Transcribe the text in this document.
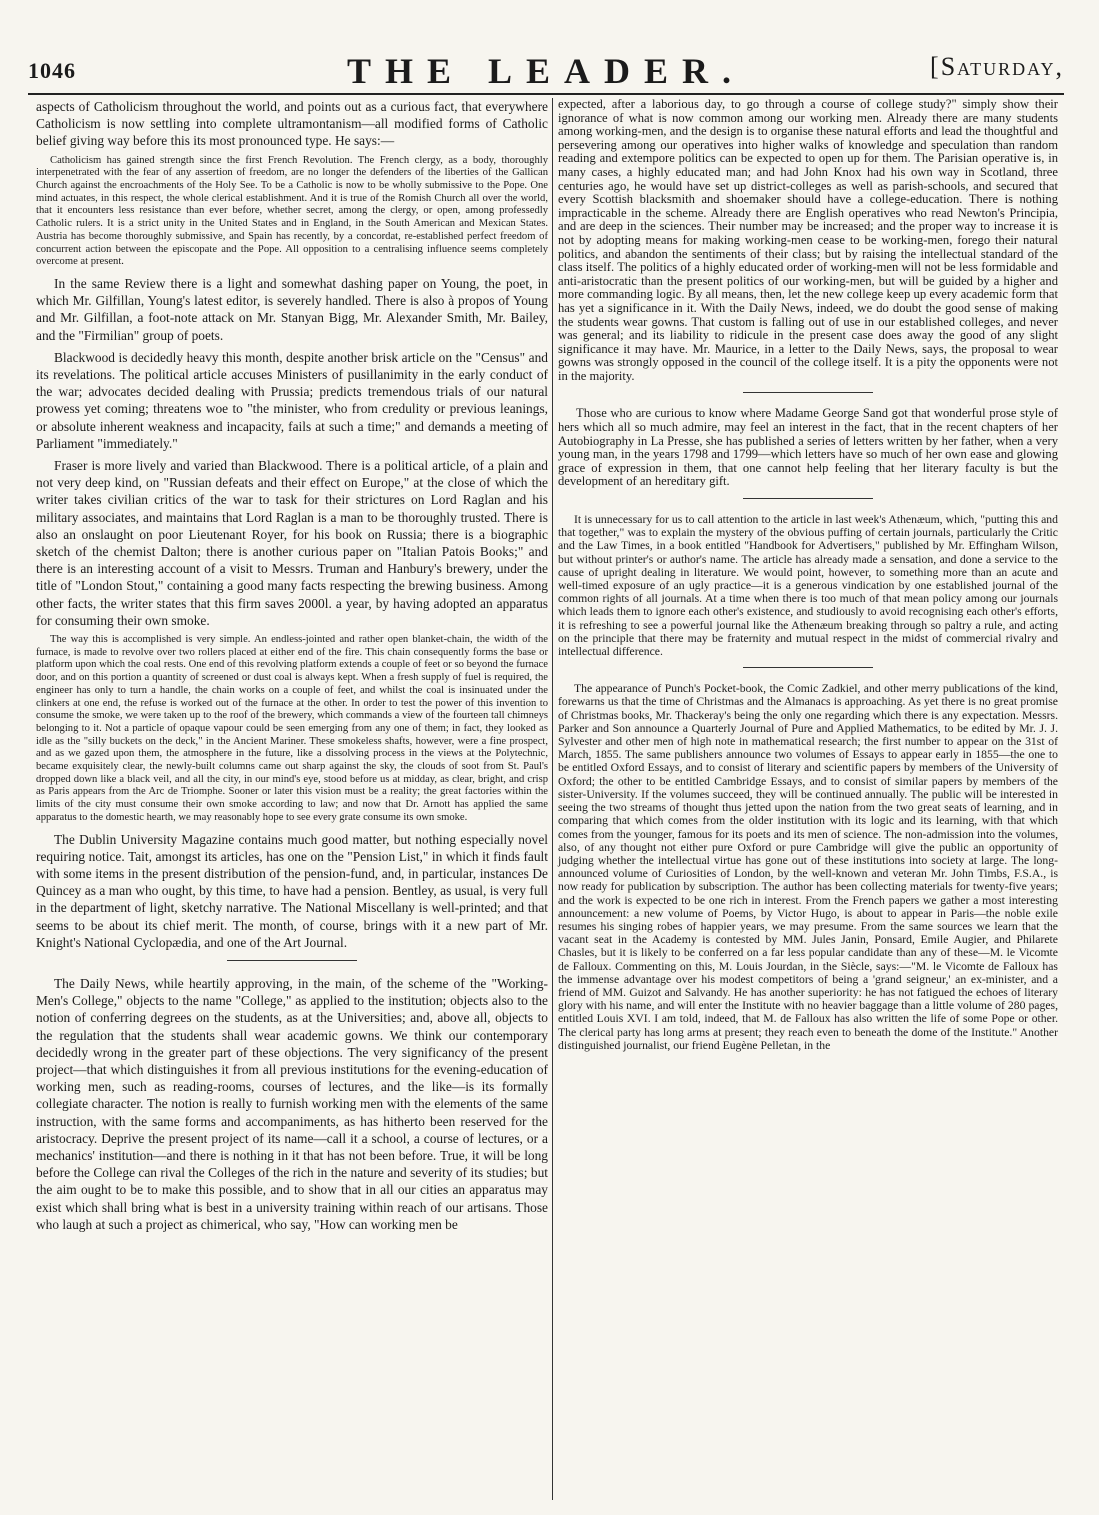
1046	THE LEADER.	[Saturday,

aspects of Catholicism throughout the world, and points out as a curious fact, that everywhere Catholicism is now settling into complete ultramontanism—all modified forms of Catholic belief giving way before this its most pronounced type. He says:—

Catholicism has gained strength since the first French Revolution. The French clergy, as a body, thoroughly interpenetrated with the fear of any assertion of freedom, are no longer the defenders of the liberties of the Gallican Church against the encroachments of the Holy See. To be a Catholic is now to be wholly submissive to the Pope. One mind actuates, in this respect, the whole clerical establishment. And it is true of the Romish Church all over the world, that it encounters less resistance than ever before, whether secret, among the clergy, or open, among professedly Catholic rulers. It is a strict unity in the United States and in England, in the South American and Mexican States. Austria has become thoroughly submissive, and Spain has recently, by a concordat, re-established perfect freedom of concurrent action between the episcopate and the Pope. All opposition to a centralising influence seems completely overcome at present.

In the same Review there is a light and somewhat dashing paper on Young, the poet, in which Mr. Gilfillan, Young's latest editor, is severely handled. There is also à propos of Young and Mr. Gilfillan, a foot-note attack on Mr. Stanyan Bigg, Mr. Alexander Smith, Mr. Bailey, and the "Firmilian" group of poets.

Blackwood is decidedly heavy this month, despite another brisk article on the "Census" and its revelations. The political article accuses Ministers of pusillanimity in the early conduct of the war; advocates decided dealing with Prussia; predicts tremendous trials of our natural prowess yet coming; threatens woe to "the minister, who from credulity or previous leanings, or absolute inherent weakness and incapacity, fails at such a time;" and demands a meeting of Parliament "immediately."

Fraser is more lively and varied than Blackwood. There is a political article, of a plain and not very deep kind, on "Russian defeats and their effect on Europe," at the close of which the writer takes civilian critics of the war to task for their strictures on Lord Raglan and his military associates, and maintains that Lord Raglan is a man to be thoroughly trusted. There is also an onslaught on poor Lieutenant Royer, for his book on Russia; there is a biographic sketch of the chemist Dalton; there is another curious paper on "Italian Patois Books;" and there is an interesting account of a visit to Messrs. Truman and Hanbury's brewery, under the title of "London Stout," containing a good many facts respecting the brewing business. Among other facts, the writer states that this firm saves 2000l. a year, by having adopted an apparatus for consuming their own smoke.

The way this is accomplished is very simple. An endless-jointed and rather open blanket-chain, the width of the furnace, is made to revolve over two rollers placed at either end of the fire. This chain consequently forms the base or platform upon which the coal rests. One end of this revolving platform extends a couple of feet or so beyond the furnace door, and on this portion a quantity of screened or dust coal is always kept. When a fresh supply of fuel is required, the engineer has only to turn a handle, the chain works on a couple of feet, and whilst the coal is insinuated under the clinkers at one end, the refuse is worked out of the furnace at the other. In order to test the power of this invention to consume the smoke, we were taken up to the roof of the brewery, which commands a view of the fourteen tall chimneys belonging to it. Not a particle of opaque vapour could be seen emerging from any one of them; in fact, they looked as idle as the "silly buckets on the deck," in the Ancient Mariner. These smokeless shafts, however, were a fine prospect, and as we gazed upon them, the atmosphere in the future, like a dissolving process in the views at the Polytechnic, became exquisitely clear, the newly-built columns came out sharp against the sky, the clouds of soot from St. Paul's dropped down like a black veil, and all the city, in our mind's eye, stood before us at midday, as clear, bright, and crisp as Paris appears from the Arc de Triomphe. Sooner or later this vision must be a reality; the great factories within the limits of the city must consume their own smoke according to law; and now that Dr. Arnott has applied the same apparatus to the domestic hearth, we may reasonably hope to see every grate consume its own smoke.

The Dublin University Magazine contains much good matter, but nothing especially novel requiring notice. Tait, amongst its articles, has one on the "Pension List," in which it finds fault with some items in the present distribution of the pension-fund, and, in particular, instances De Quincey as a man who ought, by this time, to have had a pension. Bentley, as usual, is very full in the department of light, sketchy narrative. The National Miscellany is well-printed; and that seems to be about its chief merit. The month, of course, brings with it a new part of Mr. Knight's National Cyclopædia, and one of the Art Journal.

The Daily News, while heartily approving, in the main, of the scheme of the "Working-Men's College," objects to the name "College," as applied to the institution; objects also to the notion of conferring degrees on the students, as at the Universities; and, above all, objects to the regulation that the students shall wear academic gowns. We think our contemporary decidedly wrong in the greater part of these objections. The very significancy of the present project—that which distinguishes it from all previous institutions for the evening-education of working men, such as reading-rooms, courses of lectures, and the like—is its formally collegiate character. The notion is really to furnish working men with the elements of the same instruction, with the same forms and accompaniments, as has hitherto been reserved for the aristocracy. Deprive the present project of its name—call it a school, a course of lectures, or a mechanics' institution—and there is nothing in it that has not been before. True, it will be long before the College can rival the Colleges of the rich in the nature and severity of its studies; but the aim ought to be to make this possible, and to show that in all our cities an apparatus may exist which shall bring what is best in a university training within reach of our artisans. Those who laugh at such a project as chimerical, who say, "How can working men be

expected, after a laborious day, to go through a course of college study?" simply show their ignorance of what is now common among our working men. Already there are many students among working-men, and the design is to organise these natural efforts and lead the thoughtful and persevering among our operatives into higher walks of knowledge and speculation than random reading and extempore politics can be expected to open up for them. The Parisian operative is, in many cases, a highly educated man; and had John Knox had his own way in Scotland, three centuries ago, he would have set up district-colleges as well as parish-schools, and secured that every Scottish blacksmith and shoemaker should have a college-education. There is nothing impracticable in the scheme. Already there are English operatives who read Newton's Principia, and are deep in the sciences. Their number may be increased; and the proper way to increase it is not by adopting means for making working-men cease to be working-men, forego their natural politics, and abandon the sentiments of their class; but by raising the intellectual standard of the class itself. The politics of a highly educated order of working-men will not be less formidable and anti-aristocratic than the present politics of our working-men, but will be guided by a higher and more commanding logic. By all means, then, let the new college keep up every academic form that has yet a significance in it. With the Daily News, indeed, we do doubt the good sense of making the students wear gowns. That custom is falling out of use in our established colleges, and never was general; and its liability to ridicule in the present case does away the good of any slight significance it may have. Mr. Maurice, in a letter to the Daily News, says, the proposal to wear gowns was strongly opposed in the council of the college itself. It is a pity the opponents were not in the majority.

Those who are curious to know where Madame George Sand got that wonderful prose style of hers which all so much admire, may feel an interest in the fact, that in the recent chapters of her Autobiography in La Presse, she has published a series of letters written by her father, when a very young man, in the years 1798 and 1799—which letters have so much of her own ease and glowing grace of expression in them, that one cannot help feeling that her literary faculty is but the development of an hereditary gift.

It is unnecessary for us to call attention to the article in last week's Athenæum, which, "putting this and that together," was to explain the mystery of the obvious puffing of certain journals, particularly the Critic and the Law Times, in a book entitled "Handbook for Advertisers," published by Mr. Effingham Wilson, but without printer's or author's name. The article has already made a sensation, and done a service to the cause of upright dealing in literature. We would point, however, to something more than an acute and well-timed exposure of an ugly practice—it is a generous vindication by one established journal of the common rights of all journals. At a time when there is too much of that mean policy among our journals which leads them to ignore each other's existence, and studiously to avoid recognising each other's efforts, it is refreshing to see a powerful journal like the Athenæum breaking through so paltry a rule, and acting on the principle that there may be fraternity and mutual respect in the midst of commercial rivalry and intellectual difference.

The appearance of Punch's Pocket-book, the Comic Zadkiel, and other merry publications of the kind, forewarns us that the time of Christmas and the Almanacs is approaching. As yet there is no great promise of Christmas books, Mr. Thackeray's being the only one regarding which there is any expectation. Messrs. Parker and Son announce a Quarterly Journal of Pure and Applied Mathematics, to be edited by Mr. J. J. Sylvester and other men of high note in mathematical research; the first number to appear on the 31st of March, 1855. The same publishers announce two volumes of Essays to appear early in 1855—the one to be entitled Oxford Essays, and to consist of literary and scientific papers by members of the University of Oxford; the other to be entitled Cambridge Essays, and to consist of similar papers by members of the sister-University. If the volumes succeed, they will be continued annually. The public will be interested in seeing the two streams of thought thus jetted upon the nation from the two great seats of learning, and in comparing that which comes from the older institution with its logic and its learning, with that which comes from the younger, famous for its poets and its men of science. The non-admission into the volumes, also, of any thought not either pure Oxford or pure Cambridge will give the public an opportunity of judging whether the intellectual virtue has gone out of these institutions into society at large. The long-announced volume of Curiosities of London, by the well-known and veteran Mr. John Timbs, F.S.A., is now ready for publication by subscription. The author has been collecting materials for twenty-five years; and the work is expected to be one rich in interest. From the French papers we gather a most interesting announcement: a new volume of Poems, by Victor Hugo, is about to appear in Paris—the noble exile resumes his singing robes of happier years, we may presume. From the same sources we learn that the vacant seat in the Academy is contested by MM. Jules Janin, Ponsard, Emile Augier, and Philarete Chasles, but it is likely to be conferred on a far less popular candidate than any of these—M. le Vicomte de Falloux. Commenting on this, M. Louis Jourdan, in the Siècle, says:—"M. le Vicomte de Falloux has the immense advantage over his modest competitors of being a 'grand seigneur,' an ex-minister, and a friend of MM. Guizot and Salvandy. He has another superiority: he has not fatigued the echoes of literary glory with his name, and will enter the Institute with no heavier baggage than a little volume of 280 pages, entitled Louis XVI. I am told, indeed, that M. de Falloux has also written the life of some Pope or other. The clerical party has long arms at present; they reach even to beneath the dome of the Institute." Another distinguished journalist, our friend Eugène Pelletan, in the
